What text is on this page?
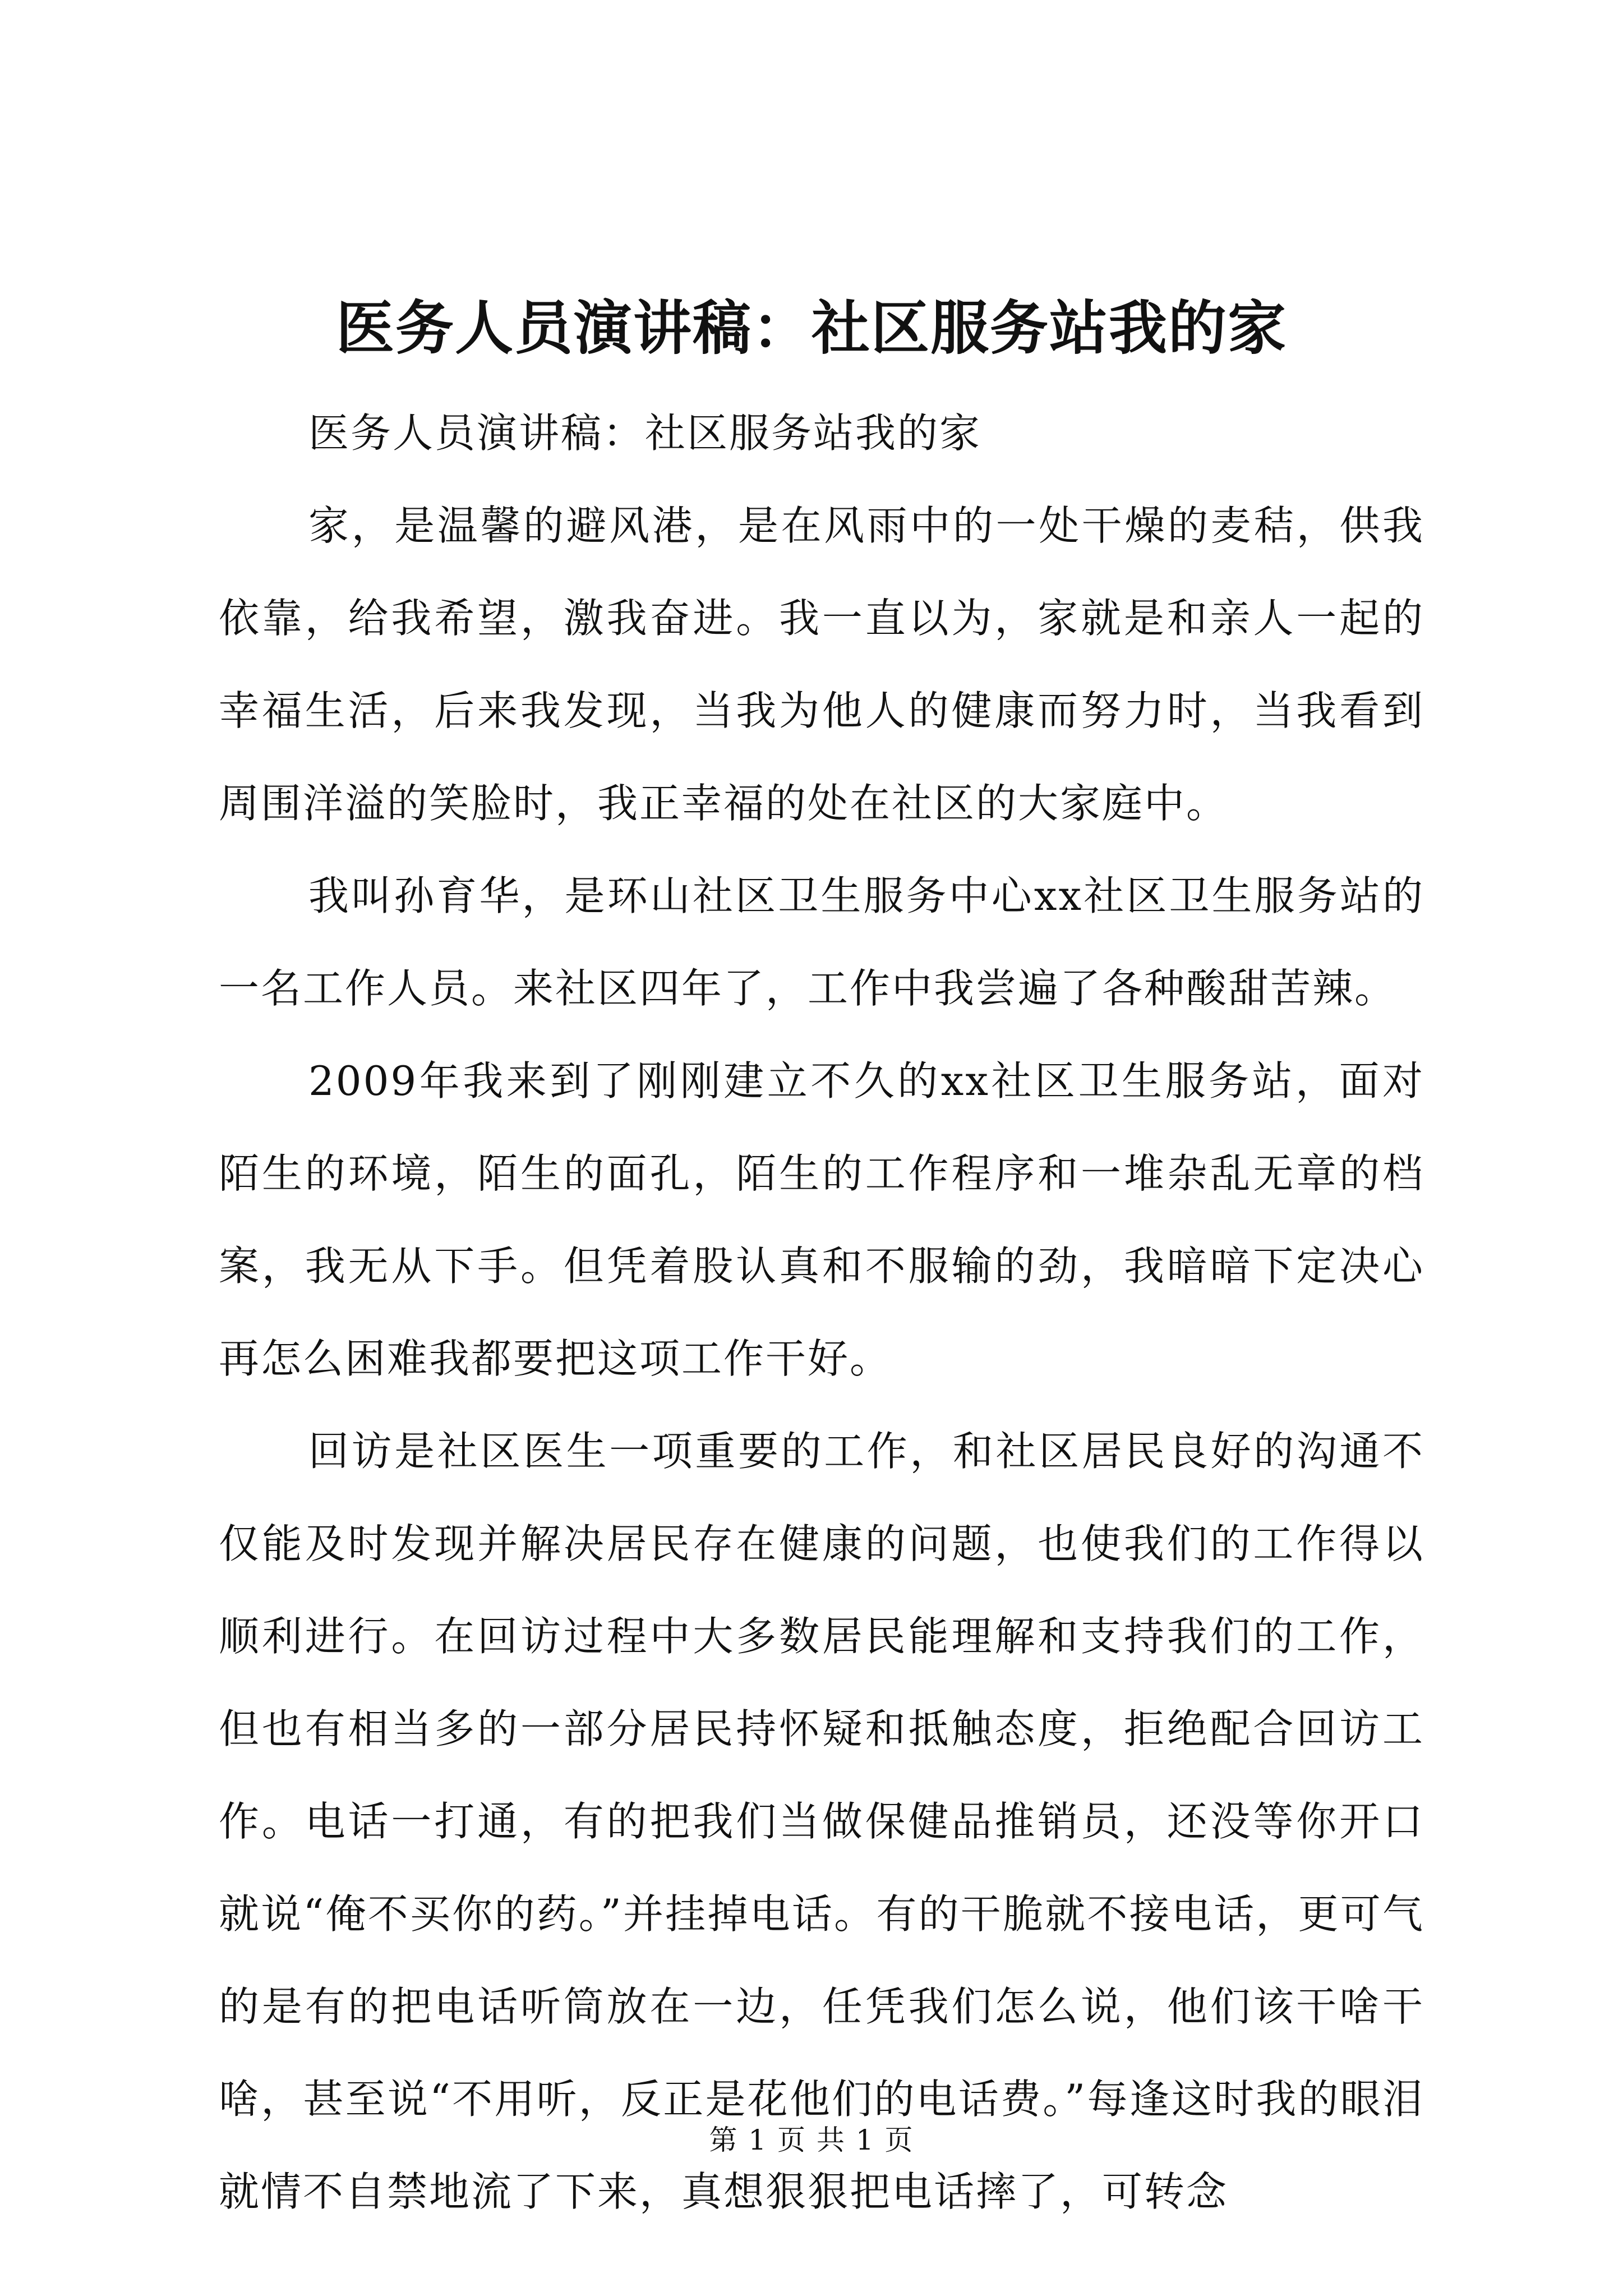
医务人员演讲稿：社区服务站我的家

医务人员演讲稿：社区服务站我的家

家，是温馨的避风港，是在风雨中的一处干燥的麦秸，供我依靠，给我希望，激我奋进。我一直以为，家就是和亲人一起的幸福生活，后来我发现，当我为他人的健康而努力时，当我看到周围洋溢的笑脸时，我正幸福的处在社区的大家庭中。

我叫孙育华，是环山社区卫生服务中心xx社区卫生服务站的一名工作人员。来社区四年了，工作中我尝遍了各种酸甜苦辣。

2009年我来到了刚刚建立不久的xx社区卫生服务站，面对陌生的环境，陌生的面孔，陌生的工作程序和一堆杂乱无章的档案，我无从下手。但凭着股认真和不服输的劲，我暗暗下定决心再怎么困难我都要把这项工作干好。

回访是社区医生一项重要的工作，和社区居民良好的沟通不仅能及时发现并解决居民存在健康的问题，也使我们的工作得以顺利进行。在回访过程中大多数居民能理解和支持我们的工作，但也有相当多的一部分居民持怀疑和抵触态度，拒绝配合回访工作。电话一打通，有的把我们当做保健品推销员，还没等你开口就说“俺不买你的药。”并挂掉电话。有的干脆就不接电话，更可气的是有的把电话听筒放在一边，任凭我们怎么说，他们该干啥干啥，甚至说“不用听，反正是花他们的电话费。”每逢这时我的眼泪就情不自禁地流了下来，真想狠狠把电话摔了，可转念

第 1 页 共 1 页
